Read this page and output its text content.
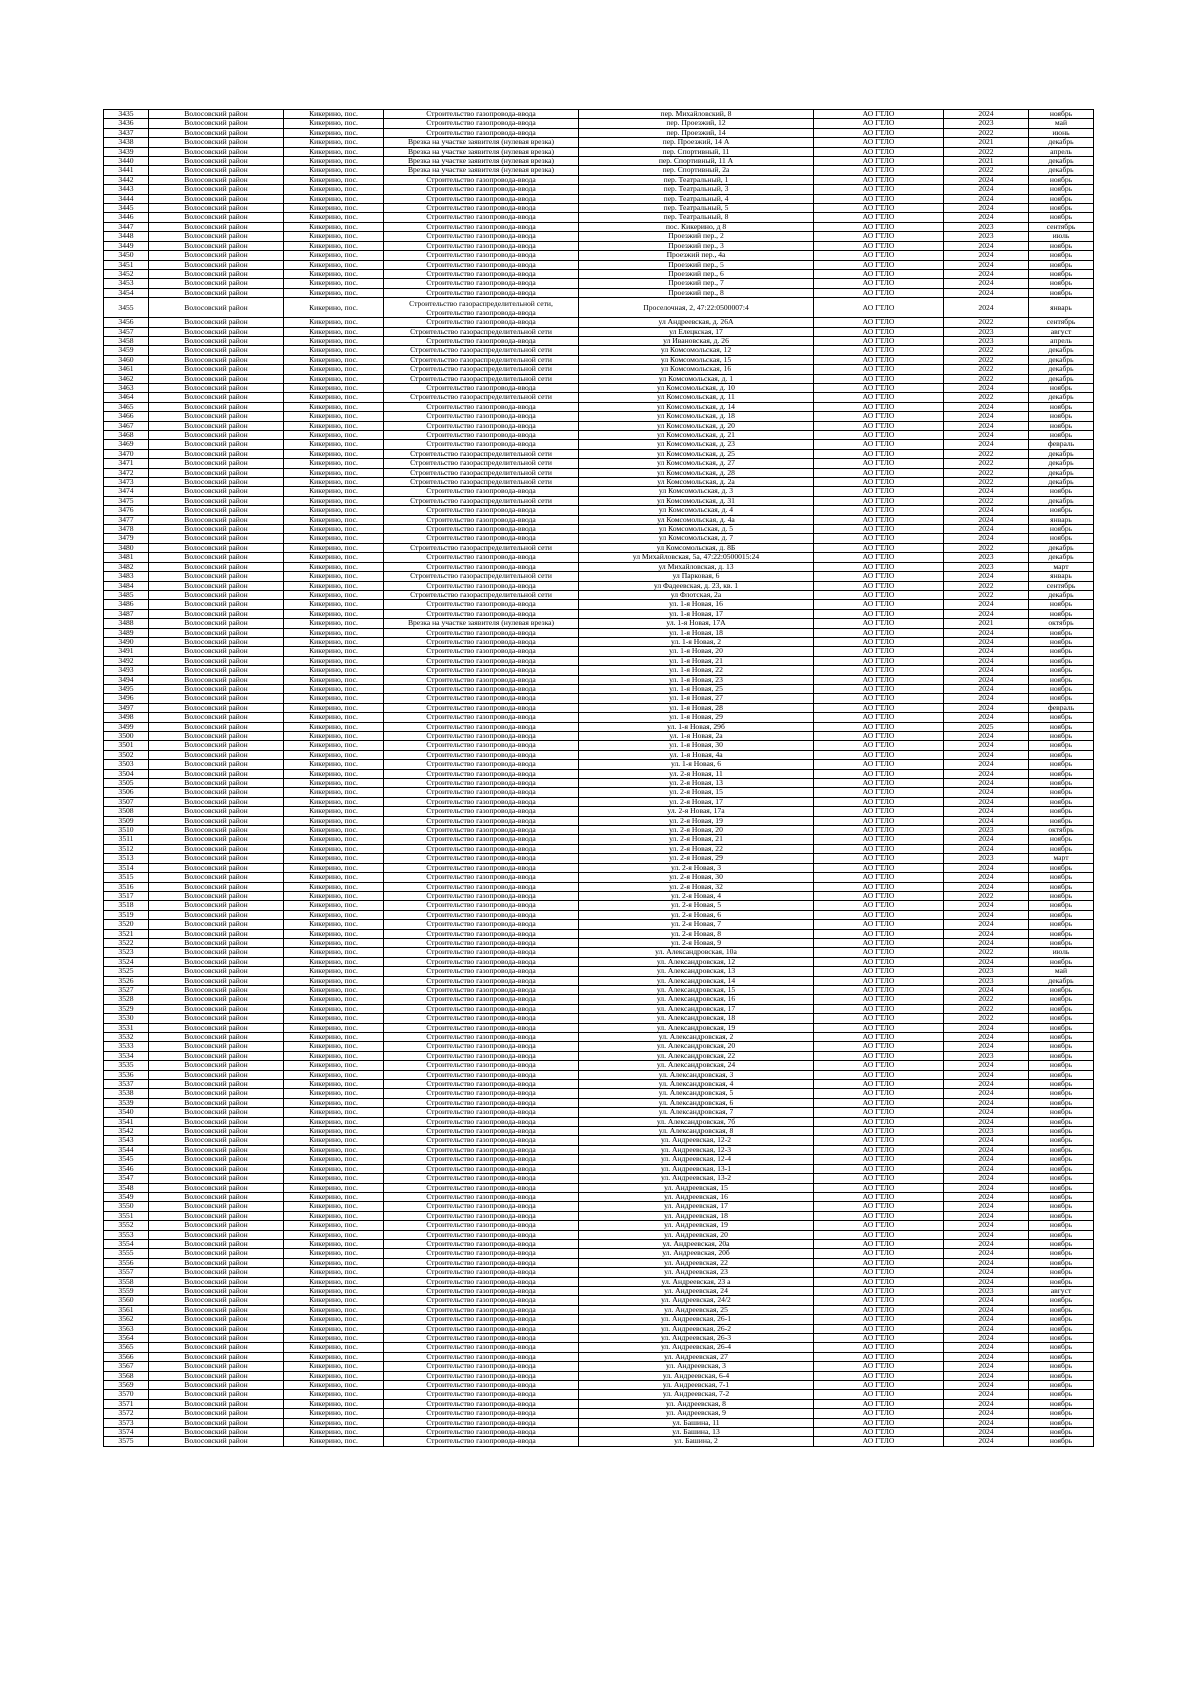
3435	Волосовский район	Кикерино, пос.	Строительство газопровода-ввода	пер. Михайловский, 8	АО ГТЛО	2024	ноябрь
3436	Волосовский район	Кикерино, пос.	Строительство газопровода-ввода	пер. Проезжий, 12	АО ГТЛО	2023	май
3437	Волосовский район	Кикерино, пос.	Строительство газопровода-ввода	пер. Проезжий, 14	АО ГТЛО	2022	июнь
3438	Волосовский район	Кикерино, пос.	Врезка на участке заявителя (нулевая врезка)	пер. Проезжий, 14 А	АО ГТЛО	2021	декабрь
3439	Волосовский район	Кикерино, пос.	Врезка на участке заявителя (нулевая врезка)	пер. Спортивный, 11	АО ГТЛО	2022	апрель
3440	Волосовский район	Кикерино, пос.	Врезка на участке заявителя (нулевая врезка)	пер. Спортивный, 11 А	АО ГТЛО	2021	декабрь
3441	Волосовский район	Кикерино, пос.	Врезка на участке заявителя (нулевая врезка)	пер. Спортивный, 2а	АО ГТЛО	2022	декабрь
3442	Волосовский район	Кикерино, пос.	Строительство газопровода-ввода	пер. Театральный, 1	АО ГТЛО	2024	ноябрь
3443	Волосовский район	Кикерино, пос.	Строительство газопровода-ввода	пер. Театральный, 3	АО ГТЛО	2024	ноябрь
3444	Волосовский район	Кикерино, пос.	Строительство газопровода-ввода	пер. Театральный, 4	АО ГТЛО	2024	ноябрь
3445	Волосовский район	Кикерино, пос.	Строительство газопровода-ввода	пер. Театральный, 5	АО ГТЛО	2024	ноябрь
3446	Волосовский район	Кикерино, пос.	Строительство газопровода-ввода	пер. Театральный, 8	АО ГТЛО	2024	ноябрь
3447	Волосовский район	Кикерино, пос.	Строительство газопровода-ввода	пос. Кикерино, д 8	АО ГТЛО	2023	сентябрь
3448	Волосовский район	Кикерино, пос.	Строительство газопровода-ввода	Проезжий пер., 2	АО ГТЛО	2023	июль
3449	Волосовский район	Кикерино, пос.	Строительство газопровода-ввода	Проезжий пер., 3	АО ГТЛО	2024	ноябрь
3450	Волосовский район	Кикерино, пос.	Строительство газопровода-ввода	Проезжий пер., 4а	АО ГТЛО	2024	ноябрь
3451	Волосовский район	Кикерино, пос.	Строительство газопровода-ввода	Проезжий пер., 5	АО ГТЛО	2024	ноябрь
3452	Волосовский район	Кикерино, пос.	Строительство газопровода-ввода	Проезжий пер., 6	АО ГТЛО	2024	ноябрь
3453	Волосовский район	Кикерино, пос.	Строительство газопровода-ввода	Проезжий пер., 7	АО ГТЛО	2024	ноябрь
3454	Волосовский район	Кикерино, пос.	Строительство газопровода-ввода	Проезжий пер., 8	АО ГТЛО	2024	ноябрь
3455	Волосовский район	Кикерино, пос.	Строительство газораспределительной сети, Строительство газопровода-ввода	Проселочная, 2, 47:22:0500007:4	АО ГТЛО	2024	январь
3456	Волосовский район	Кикерино, пос.	Строительство газопровода-ввода	ул Андреевская, д. 26А	АО ГТЛО	2022	сентябрь
3457	Волосовский район	Кикерино, пос.	Строительство газораспределительной сети	ул Елецкская, 17	АО ГТЛО	2023	август
3458	Волосовский район	Кикерино, пос.	Строительство газопровода-ввода	ул Ивановская, д. 26	АО ГТЛО	2023	апрель
3459	Волосовский район	Кикерино, пос.	Строительство газораспределительной сети	ул Комсомольская, 12	АО ГТЛО	2022	декабрь
3460	Волосовский район	Кикерино, пос.	Строительство газораспределительной сети	ул Комсомольская, 15	АО ГТЛО	2022	декабрь
3461	Волосовский район	Кикерино, пос.	Строительство газораспределительной сети	ул Комсомольская, 16	АО ГТЛО	2022	декабрь
3462	Волосовский район	Кикерино, пос.	Строительство газораспределительной сети	ул Комсомольская, д. 1	АО ГТЛО	2022	декабрь
3463	Волосовский район	Кикерино, пос.	Строительство газопровода-ввода	ул Комсомольская, д. 10	АО ГТЛО	2024	ноябрь
3464	Волосовский район	Кикерино, пос.	Строительство газораспределительной сети	ул Комсомольская, д. 11	АО ГТЛО	2022	декабрь
3465	Волосовский район	Кикерино, пос.	Строительство газопровода-ввода	ул Комсомольская, д. 14	АО ГТЛО	2024	ноябрь
3466	Волосовский район	Кикерино, пос.	Строительство газопровода-ввода	ул Комсомольская, д. 18	АО ГТЛО	2024	ноябрь
3467	Волосовский район	Кикерино, пос.	Строительство газопровода-ввода	ул Комсомольская, д. 20	АО ГТЛО	2024	ноябрь
3468	Волосовский район	Кикерино, пос.	Строительство газопровода-ввода	ул Комсомольская, д. 21	АО ГТЛО	2024	ноябрь
3469	Волосовский район	Кикерино, пос.	Строительство газопровода-ввода	ул Комсомольская, д. 23	АО ГТЛО	2024	февраль
3470	Волосовский район	Кикерино, пос.	Строительство газораспределительной сети	ул Комсомольская, д. 25	АО ГТЛО	2022	декабрь
3471	Волосовский район	Кикерино, пос.	Строительство газораспределительной сети	ул Комсомольская, д. 27	АО ГТЛО	2022	декабрь
3472	Волосовский район	Кикерино, пос.	Строительство газораспределительной сети	ул Комсомольская, д. 28	АО ГТЛО	2022	декабрь
3473	Волосовский район	Кикерино, пос.	Строительство газораспределительной сети	ул Комсомольская, д. 2а	АО ГТЛО	2022	декабрь
3474	Волосовский район	Кикерино, пос.	Строительство газопровода-ввода	ул Комсомольская, д. 3	АО ГТЛО	2024	ноябрь
3475	Волосовский район	Кикерино, пос.	Строительство газораспределительной сети	ул Комсомольская, д. 31	АО ГТЛО	2022	декабрь
3476	Волосовский район	Кикерино, пос.	Строительство газопровода-ввода	ул Комсомольская, д. 4	АО ГТЛО	2024	ноябрь
3477	Волосовский район	Кикерино, пос.	Строительство газопровода-ввода	ул Комсомольская, д. 4а	АО ГТЛО	2024	январь
3478	Волосовский район	Кикерино, пос.	Строительство газопровода-ввода	ул Комсомольская, д. 5	АО ГТЛО	2024	ноябрь
3479	Волосовский район	Кикерино, пос.	Строительство газопровода-ввода	ул Комсомольская, д. 7	АО ГТЛО	2024	ноябрь
3480	Волосовский район	Кикерино, пос.	Строительство газораспределительной сети	ул Комсомольская, д. 8Б	АО ГТЛО	2022	декабрь
3481	Волосовский район	Кикерино, пос.	Строительство газопровода-ввода	ул Михайловская, 5а, 47:22:0500015:24	АО ГТЛО	2023	декабрь
3482	Волосовский район	Кикерино, пос.	Строительство газопровода-ввода	ул Михайловская, д. 13	АО ГТЛО	2023	март
3483	Волосовский район	Кикерино, пос.	Строительство газораспределительной сети	ул Парковая, 6	АО ГТЛО	2024	январь
3484	Волосовский район	Кикерино, пос.	Строительство газопровода-ввода	ул Фадеевская, д. 23, кв. 1	АО ГТЛО	2022	сентябрь
3485	Волосовский район	Кикерино, пос.	Строительство газораспределительной сети	ул Флотская, 2а	АО ГТЛО	2022	декабрь
3486	Волосовский район	Кикерино, пос.	Строительство газопровода-ввода	ул. 1-я Новая, 16	АО ГТЛО	2024	ноябрь
3487	Волосовский район	Кикерино, пос.	Строительство газопровода-ввода	ул. 1-я Новая, 17	АО ГТЛО	2024	ноябрь
3488	Волосовский район	Кикерино, пос.	Врезка на участке заявителя (нулевая врезка)	ул. 1-я Новая, 17А	АО ГТЛО	2021	октябрь
3489	Волосовский район	Кикерино, пос.	Строительство газопровода-ввода	ул. 1-я Новая, 18	АО ГТЛО	2024	ноябрь
3490	Волосовский район	Кикерино, пос.	Строительство газопровода-ввода	ул. 1-я Новая, 2	АО ГТЛО	2024	ноябрь
3491	Волосовский район	Кикерино, пос.	Строительство газопровода-ввода	ул. 1-я Новая, 20	АО ГТЛО	2024	ноябрь
3492	Волосовский район	Кикерино, пос.	Строительство газопровода-ввода	ул. 1-я Новая, 21	АО ГТЛО	2024	ноябрь
3493	Волосовский район	Кикерино, пос.	Строительство газопровода-ввода	ул. 1-я Новая, 22	АО ГТЛО	2024	ноябрь
3494	Волосовский район	Кикерино, пос.	Строительство газопровода-ввода	ул. 1-я Новая, 23	АО ГТЛО	2024	ноябрь
3495	Волосовский район	Кикерино, пос.	Строительство газопровода-ввода	ул. 1-я Новая, 25	АО ГТЛО	2024	ноябрь
3496	Волосовский район	Кикерино, пос.	Строительство газопровода-ввода	ул. 1-я Новая, 27	АО ГТЛО	2024	ноябрь
3497	Волосовский район	Кикерино, пос.	Строительство газопровода-ввода	ул. 1-я Новая, 28	АО ГТЛО	2024	февраль
3498	Волосовский район	Кикерино, пос.	Строительство газопровода-ввода	ул. 1-я Новая, 29	АО ГТЛО	2024	ноябрь
3499	Волосовский район	Кикерино, пос.	Строительство газопровода-ввода	ул. 1-я Новая, 29б	АО ГТЛО	2025	ноябрь
3500	Волосовский район	Кикерино, пос.	Строительство газопровода-ввода	ул. 1-я Новая, 2а	АО ГТЛО	2024	ноябрь
3501	Волосовский район	Кикерино, пос.	Строительство газопровода-ввода	ул. 1-я Новая, 30	АО ГТЛО	2024	ноябрь
3502	Волосовский район	Кикерино, пос.	Строительство газопровода-ввода	ул. 1-я Новая, 4а	АО ГТЛО	2024	ноябрь
3503	Волосовский район	Кикерино, пос.	Строительство газопровода-ввода	ул. 1-я Новая, 6	АО ГТЛО	2024	ноябрь
3504	Волосовский район	Кикерино, пос.	Строительство газопровода-ввода	ул. 2-я Новая, 11	АО ГТЛО	2024	ноябрь
3505	Волосовский район	Кикерино, пос.	Строительство газопровода-ввода	ул. 2-я Новая, 13	АО ГТЛО	2024	ноябрь
3506	Волосовский район	Кикерино, пос.	Строительство газопровода-ввода	ул. 2-я Новая, 15	АО ГТЛО	2024	ноябрь
3507	Волосовский район	Кикерино, пос.	Строительство газопровода-ввода	ул. 2-я Новая, 17	АО ГТЛО	2024	ноябрь
3508	Волосовский район	Кикерино, пос.	Строительство газопровода-ввода	ул. 2-я Новая, 17а	АО ГТЛО	2024	ноябрь
3509	Волосовский район	Кикерино, пос.	Строительство газопровода-ввода	ул. 2-я Новая, 19	АО ГТЛО	2024	ноябрь
3510	Волосовский район	Кикерино, пос.	Строительство газопровода-ввода	ул. 2-я Новая, 20	АО ГТЛО	2023	октябрь
3511	Волосовский район	Кикерино, пос.	Строительство газопровода-ввода	ул. 2-я Новая, 21	АО ГТЛО	2024	ноябрь
3512	Волосовский район	Кикерино, пос.	Строительство газопровода-ввода	ул. 2-я Новая, 22	АО ГТЛО	2024	ноябрь
3513	Волосовский район	Кикерино, пос.	Строительство газопровода-ввода	ул. 2-я Новая, 29	АО ГТЛО	2023	март
3514	Волосовский район	Кикерино, пос.	Строительство газопровода-ввода	ул. 2-я Новая, 3	АО ГТЛО	2024	ноябрь
3515	Волосовский район	Кикерино, пос.	Строительство газопровода-ввода	ул. 2-я Новая, 30	АО ГТЛО	2024	ноябрь
3516	Волосовский район	Кикерино, пос.	Строительство газопровода-ввода	ул. 2-я Новая, 32	АО ГТЛО	2024	ноябрь
3517	Волосовский район	Кикерино, пос.	Строительство газопровода-ввода	ул. 2-я Новая, 4	АО ГТЛО	2022	ноябрь
3518	Волосовский район	Кикерино, пос.	Строительство газопровода-ввода	ул. 2-я Новая, 5	АО ГТЛО	2024	ноябрь
3519	Волосовский район	Кикерино, пос.	Строительство газопровода-ввода	ул. 2-я Новая, 6	АО ГТЛО	2024	ноябрь
3520	Волосовский район	Кикерино, пос.	Строительство газопровода-ввода	ул. 2-я Новая, 7	АО ГТЛО	2024	ноябрь
3521	Волосовский район	Кикерино, пос.	Строительство газопровода-ввода	ул. 2-я Новая, 8	АО ГТЛО	2024	ноябрь
3522	Волосовский район	Кикерино, пос.	Строительство газопровода-ввода	ул. 2-я Новая, 9	АО ГТЛО	2024	ноябрь
3523	Волосовский район	Кикерино, пос.	Строительство газопровода-ввода	ул. Александровская, 10а	АО ГТЛО	2022	июль
3524	Волосовский район	Кикерино, пос.	Строительство газопровода-ввода	ул. Александровская, 12	АО ГТЛО	2024	ноябрь
3525	Волосовский район	Кикерино, пос.	Строительство газопровода-ввода	ул. Александровская, 13	АО ГТЛО	2023	май
3526	Волосовский район	Кикерино, пос.	Строительство газопровода-ввода	ул. Александровская, 14	АО ГТЛО	2023	декабрь
3527	Волосовский район	Кикерино, пос.	Строительство газопровода-ввода	ул. Александровская, 15	АО ГТЛО	2024	ноябрь
3528	Волосовский район	Кикерино, пос.	Строительство газопровода-ввода	ул. Александровская, 16	АО ГТЛО	2022	ноябрь
3529	Волосовский район	Кикерино, пос.	Строительство газопровода-ввода	ул. Александровская, 17	АО ГТЛО	2022	ноябрь
3530	Волосовский район	Кикерино, пос.	Строительство газопровода-ввода	ул. Александровская, 18	АО ГТЛО	2022	ноябрь
3531	Волосовский район	Кикерино, пос.	Строительство газопровода-ввода	ул. Александровская, 19	АО ГТЛО	2024	ноябрь
3532	Волосовский район	Кикерино, пос.	Строительство газопровода-ввода	ул. Александровская, 2	АО ГТЛО	2024	ноябрь
3533	Волосовский район	Кикерино, пос.	Строительство газопровода-ввода	ул. Александровская, 20	АО ГТЛО	2024	ноябрь
3534	Волосовский район	Кикерино, пос.	Строительство газопровода-ввода	ул. Александровская, 22	АО ГТЛО	2023	ноябрь
3535	Волосовский район	Кикерино, пос.	Строительство газопровода-ввода	ул. Александровская, 24	АО ГТЛО	2024	ноябрь
3536	Волосовский район	Кикерино, пос.	Строительство газопровода-ввода	ул. Александровская, 3	АО ГТЛО	2024	ноябрь
3537	Волосовский район	Кикерино, пос.	Строительство газопровода-ввода	ул. Александровская, 4	АО ГТЛО	2024	ноябрь
3538	Волосовский район	Кикерино, пос.	Строительство газопровода-ввода	ул. Александровская, 5	АО ГТЛО	2024	ноябрь
3539	Волосовский район	Кикерино, пос.	Строительство газопровода-ввода	ул. Александровская, 6	АО ГТЛО	2024	ноябрь
3540	Волосовский район	Кикерино, пос.	Строительство газопровода-ввода	ул. Александровская, 7	АО ГТЛО	2024	ноябрь
3541	Волосовский район	Кикерино, пос.	Строительство газопровода-ввода	ул. Александровская, 7б	АО ГТЛО	2024	ноябрь
3542	Волосовский район	Кикерино, пос.	Строительство газопровода-ввода	ул. Александровская, 8	АО ГТЛО	2023	ноябрь
3543	Волосовский район	Кикерино, пос.	Строительство газопровода-ввода	ул. Андреевская, 12-2	АО ГТЛО	2024	ноябрь
3544	Волосовский район	Кикерино, пос.	Строительство газопровода-ввода	ул. Андреевская, 12-3	АО ГТЛО	2024	ноябрь
3545	Волосовский район	Кикерино, пос.	Строительство газопровода-ввода	ул. Андреевская, 12-4	АО ГТЛО	2024	ноябрь
3546	Волосовский район	Кикерино, пос.	Строительство газопровода-ввода	ул. Андреевская, 13-1	АО ГТЛО	2024	ноябрь
3547	Волосовский район	Кикерино, пос.	Строительство газопровода-ввода	ул. Андреевская, 13-2	АО ГТЛО	2024	ноябрь
3548	Волосовский район	Кикерино, пос.	Строительство газопровода-ввода	ул. Андреевская, 15	АО ГТЛО	2024	ноябрь
3549	Волосовский район	Кикерино, пос.	Строительство газопровода-ввода	ул. Андреевская, 16	АО ГТЛО	2024	ноябрь
3550	Волосовский район	Кикерино, пос.	Строительство газопровода-ввода	ул. Андреевская, 17	АО ГТЛО	2024	ноябрь
3551	Волосовский район	Кикерино, пос.	Строительство газопровода-ввода	ул. Андреевская, 18	АО ГТЛО	2024	ноябрь
3552	Волосовский район	Кикерино, пос.	Строительство газопровода-ввода	ул. Андреевская, 19	АО ГТЛО	2024	ноябрь
3553	Волосовский район	Кикерино, пос.	Строительство газопровода-ввода	ул. Андреевская, 20	АО ГТЛО	2024	ноябрь
3554	Волосовский район	Кикерино, пос.	Строительство газопровода-ввода	ул. Андреевская, 20а	АО ГТЛО	2024	ноябрь
3555	Волосовский район	Кикерино, пос.	Строительство газопровода-ввода	ул. Андреевская, 20б	АО ГТЛО	2024	ноябрь
3556	Волосовский район	Кикерино, пос.	Строительство газопровода-ввода	ул. Андреевская, 22	АО ГТЛО	2024	ноябрь
3557	Волосовский район	Кикерино, пос.	Строительство газопровода-ввода	ул. Андреевская, 23	АО ГТЛО	2024	ноябрь
3558	Волосовский район	Кикерино, пос.	Строительство газопровода-ввода	ул. Андреевская, 23 а	АО ГТЛО	2024	ноябрь
3559	Волосовский район	Кикерино, пос.	Строительство газопровода-ввода	ул. Андреевская, 24	АО ГТЛО	2023	август
3560	Волосовский район	Кикерино, пос.	Строительство газопровода-ввода	ул. Андреевская, 24/2	АО ГТЛО	2024	ноябрь
3561	Волосовский район	Кикерино, пос.	Строительство газопровода-ввода	ул. Андреевская, 25	АО ГТЛО	2024	ноябрь
3562	Волосовский район	Кикерино, пос.	Строительство газопровода-ввода	ул. Андреевская, 26-1	АО ГТЛО	2024	ноябрь
3563	Волосовский район	Кикерино, пос.	Строительство газопровода-ввода	ул. Андреевская, 26-2	АО ГТЛО	2024	ноябрь
3564	Волосовский район	Кикерино, пос.	Строительство газопровода-ввода	ул. Андреевская, 26-3	АО ГТЛО	2024	ноябрь
3565	Волосовский район	Кикерино, пос.	Строительство газопровода-ввода	ул. Андреевская, 26-4	АО ГТЛО	2024	ноябрь
3566	Волосовский район	Кикерино, пос.	Строительство газопровода-ввода	ул. Андреевская, 27	АО ГТЛО	2024	ноябрь
3567	Волосовский район	Кикерино, пос.	Строительство газопровода-ввода	ул. Андреевская, 3	АО ГТЛО	2024	ноябрь
3568	Волосовский район	Кикерино, пос.	Строительство газопровода-ввода	ул. Андреевская, 6-4	АО ГТЛО	2024	ноябрь
3569	Волосовский район	Кикерино, пос.	Строительство газопровода-ввода	ул. Андреевская, 7-1	АО ГТЛО	2024	ноябрь
3570	Волосовский район	Кикерино, пос.	Строительство газопровода-ввода	ул. Андреевская, 7-2	АО ГТЛО	2024	ноябрь
3571	Волосовский район	Кикерино, пос.	Строительство газопровода-ввода	ул. Андреевская, 8	АО ГТЛО	2024	ноябрь
3572	Волосовский район	Кикерино, пос.	Строительство газопровода-ввода	ул. Андреевская, 9	АО ГТЛО	2024	ноябрь
3573	Волосовский район	Кикерино, пос.	Строительство газопровода-ввода	ул. Башина, 11	АО ГТЛО	2024	ноябрь
3574	Волосовский район	Кикерино, пос.	Строительство газопровода-ввода	ул. Башина, 13	АО ГТЛО	2024	ноябрь
3575	Волосовский район	Кикерино, пос.	Строительство газопровода-ввода	ул. Башина, 2	АО ГТЛО	2024	ноябрь
